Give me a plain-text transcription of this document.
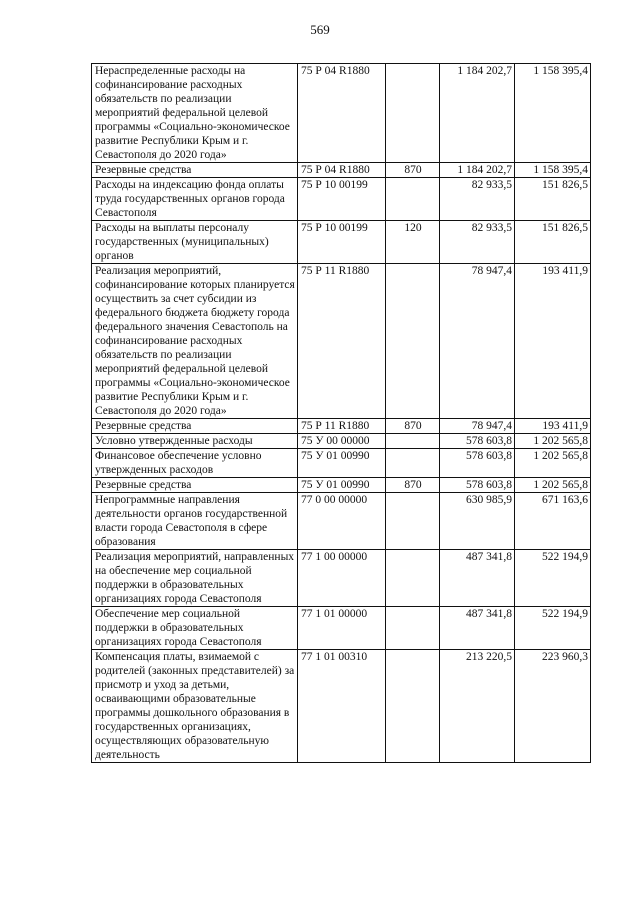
569
Нераспределенные расходы на софинансирование расходных обязательств по реализации мероприятий федеральной целевой программы «Социально-экономическое развитие Республики Крым и г. Севастополя до 2020 года»	75 Р 04 R1880		1 184 202,7	1 158 395,4
Резервные средства	75 Р 04 R1880	870	1 184 202,7	1 158 395,4
Расходы на индексацию фонда оплаты труда государственных органов города Севастополя	75 Р 10 00199		82 933,5	151 826,5
Расходы на выплаты персоналу государственных (муниципальных) органов	75 Р 10 00199	120	82 933,5	151 826,5
Реализация мероприятий, софинансирование которых планируется осуществить за счет субсидии из федерального бюджета бюджету города федерального значения Севастополь на софинансирование расходных обязательств по реализации мероприятий федеральной целевой программы «Социально-экономическое развитие Республики Крым и г. Севастополя до 2020 года»	75 Р 11 R1880		78 947,4	193 411,9
Резервные средства	75 Р 11 R1880	870	78 947,4	193 411,9
Условно утвержденные расходы	75 У 00 00000		578 603,8	1 202 565,8
Финансовое обеспечение условно утвержденных расходов	75 У 01 00990		578 603,8	1 202 565,8
Резервные средства	75 У 01 00990	870	578 603,8	1 202 565,8
Непрограммные направления деятельности органов государственной власти города Севастополя в сфере образования	77 0 00 00000		630 985,9	671 163,6
Реализация мероприятий, направленных на обеспечение мер социальной поддержки в образовательных организациях города Севастополя	77 1 00 00000		487 341,8	522 194,9
Обеспечение мер социальной поддержки в образовательных организациях города Севастополя	77 1 01 00000		487 341,8	522 194,9
Компенсация платы, взимаемой с родителей (законных представителей) за присмотр и уход за детьми, осваивающими образовательные программы дошкольного образования в государственных организациях, осуществляющих образовательную деятельность	77 1 01 00310		213 220,5	223 960,3
